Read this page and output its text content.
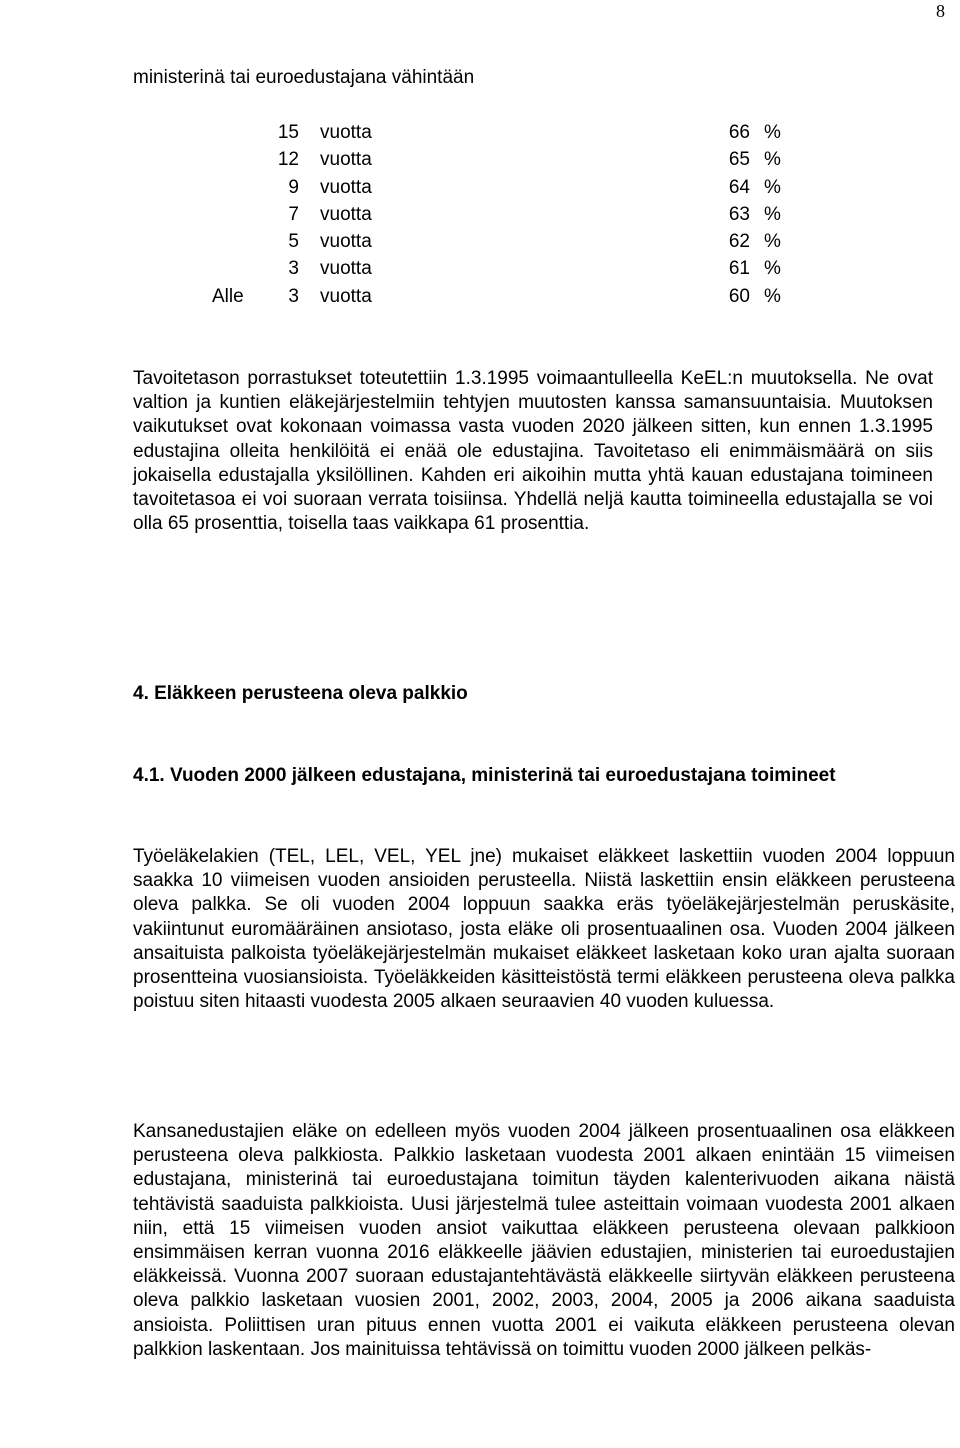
8
ministerinä tai euroedustajana vähintään
15 vuotta	66 %
12 vuotta	65 %
9 vuotta	64 %
7 vuotta	63 %
5 vuotta	62 %
3 vuotta	61 %
Alle 3 vuotta	60 %

Tavoitetason porrastukset toteutettiin 1.3.1995 voimaantulleella KeEL:n muutoksella. Ne ovat valtion ja kuntien eläkejärjestelmiin tehtyjen muutosten kanssa samansuuntaisia. Muutoksen vaikutukset ovat kokonaan voimassa vasta vuoden 2020 jälkeen sitten, kun ennen 1.3.1995 edustajina olleita henkilöitä ei enää ole edustajina. Tavoitetaso eli enimmäismäärä on siis jokaisella edustajalla yksilöllinen. Kahden eri aikoihin mutta yhtä kauan edustajana toimineen tavoitetasoa ei voi suoraan verrata toisiinsa. Yhdellä neljä kautta toimineella edustajalla se voi olla 65 prosenttia, toisella taas vaikkapa 61 prosenttia.

4. Eläkkeen perusteena oleva palkkio
4.1. Vuoden 2000 jälkeen edustajana, ministerinä tai euroedustajana toimineet

Työeläkelakien (TEL, LEL, VEL, YEL jne) mukaiset eläkkeet laskettiin vuoden 2004 loppuun saakka 10 viimeisen vuoden ansioiden perusteella. Niistä laskettiin ensin eläkkeen perusteena oleva palkka. Se oli vuoden 2004 loppuun saakka eräs työeläkejärjestelmän peruskäsite, vakiintunut euromääräinen ansiotaso, josta eläke oli prosentuaalinen osa. Vuoden 2004 jälkeen ansaituista palkoista työeläkejärjestelmän mukaiset eläkkeet lasketaan koko uran ajalta suoraan prosentteina vuosiansioista. Työeläkkeiden käsitteistöstä termi eläkkeen perusteena oleva palkka poistuu siten hitaasti vuodesta 2005 alkaen seuraavien 40 vuoden kuluessa.

Kansanedustajien eläke on edelleen myös vuoden 2004 jälkeen prosentuaalinen osa eläkkeen perusteena oleva palkkiosta. Palkkio lasketaan vuodesta 2001 alkaen enintään 15 viimeisen edustajana, ministerinä tai euroedustajana toimitun täyden kalenterivuoden aikana näistä tehtävistä saaduista palkkioista. Uusi järjestelmä tulee asteittain voimaan vuodesta 2001 alkaen niin, että 15 viimeisen vuoden ansiot vaikuttaa eläkkeen perusteena olevaan palkkioon ensimmäisen kerran vuonna 2016 eläkkeelle jäävien edustajien, ministerien tai euroedustajien eläkkeissä. Vuonna 2007 suoraan edustajantehtävästä eläkkeelle siirtyvän eläkkeen perusteena oleva palkkio lasketaan vuosien 2001, 2002, 2003, 2004, 2005 ja 2006 aikana saaduista ansioista. Poliittisen uran pituus ennen vuotta 2001 ei vaikuta eläkkeen perusteena olevan palkkion laskentaan. Jos mainituissa tehtävissä on toimittu vuoden 2000 jälkeen pelkäs-
